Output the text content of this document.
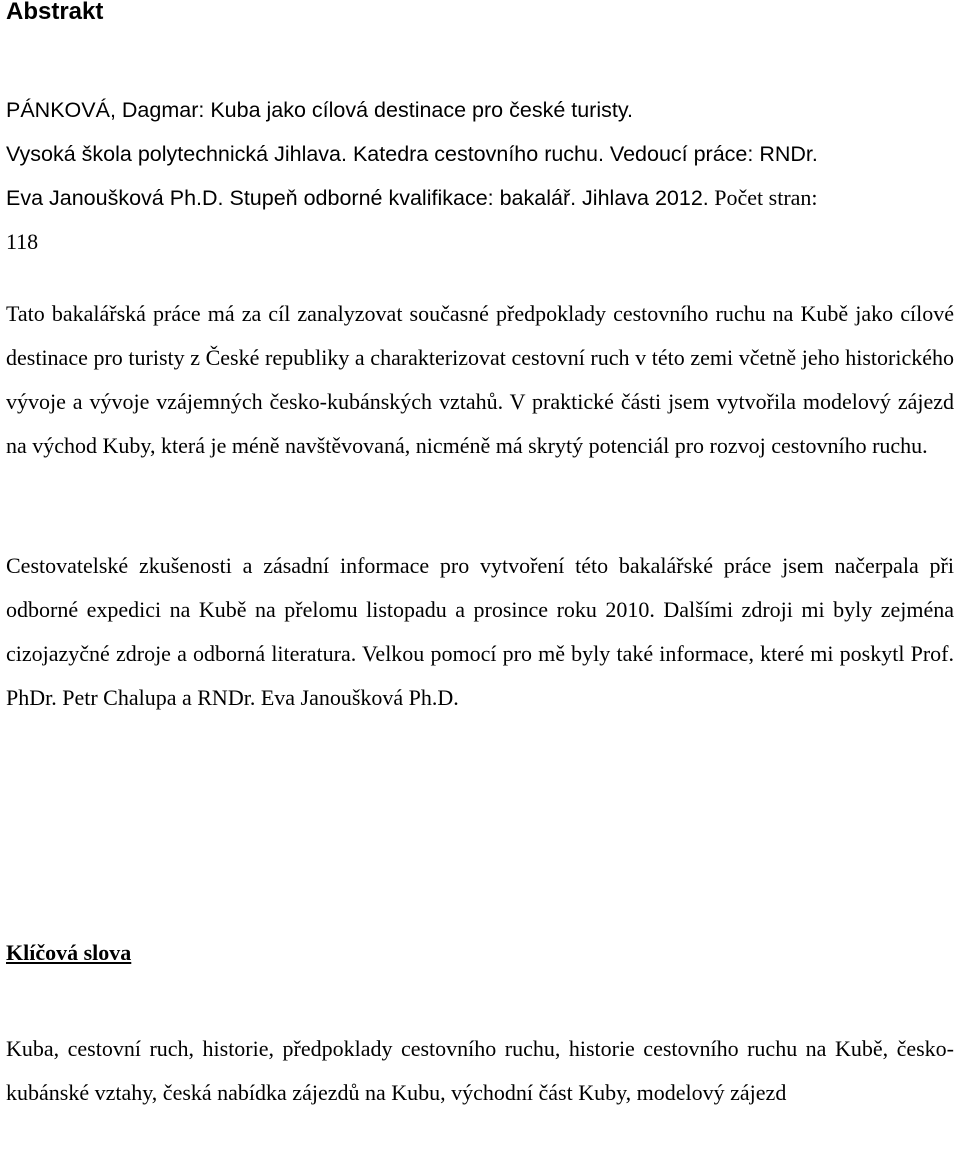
Abstrakt
PÁNKOVÁ, Dagmar: Kuba jako cílová destinace pro české turisty.
Vysoká škola polytechnická Jihlava. Katedra cestovního ruchu. Vedoucí práce: RNDr.
Eva Janoušková Ph.D. Stupeň odborné kvalifikace: bakalář. Jihlava 2012. Počet stran:
118

Tato bakalářská práce má za cíl zanalyzovat současné předpoklady cestovního ruchu na Kubě jako cílové destinace pro turisty z České republiky a charakterizovat cestovní ruch v této zemi včetně jeho historického vývoje a vývoje vzájemných česko-kubánských vztahů. V praktické části jsem vytvořila modelový zájezd na východ Kuby, která je méně navštěvovaná, nicméně má skrytý potenciál pro rozvoj cestovního ruchu.

Cestovatelské zkušenosti a zásadní informace pro vytvoření této bakalářské práce jsem načerpala při odborné expedici na Kubě na přelomu listopadu a prosince roku 2010. Dalšími zdroji mi byly zejména cizojazyčné zdroje a odborná literatura. Velkou pomocí pro mě byly také informace, které mi poskytl Prof. PhDr. Petr Chalupa a RNDr. Eva Janoušková Ph.D.

Klíčová slova

Kuba, cestovní ruch, historie, předpoklady cestovního ruchu, historie cestovního ruchu na Kubě, česko-kubánské vztahy, česká nabídka zájezdů na Kubu, východní část Kuby, modelový zájezd
